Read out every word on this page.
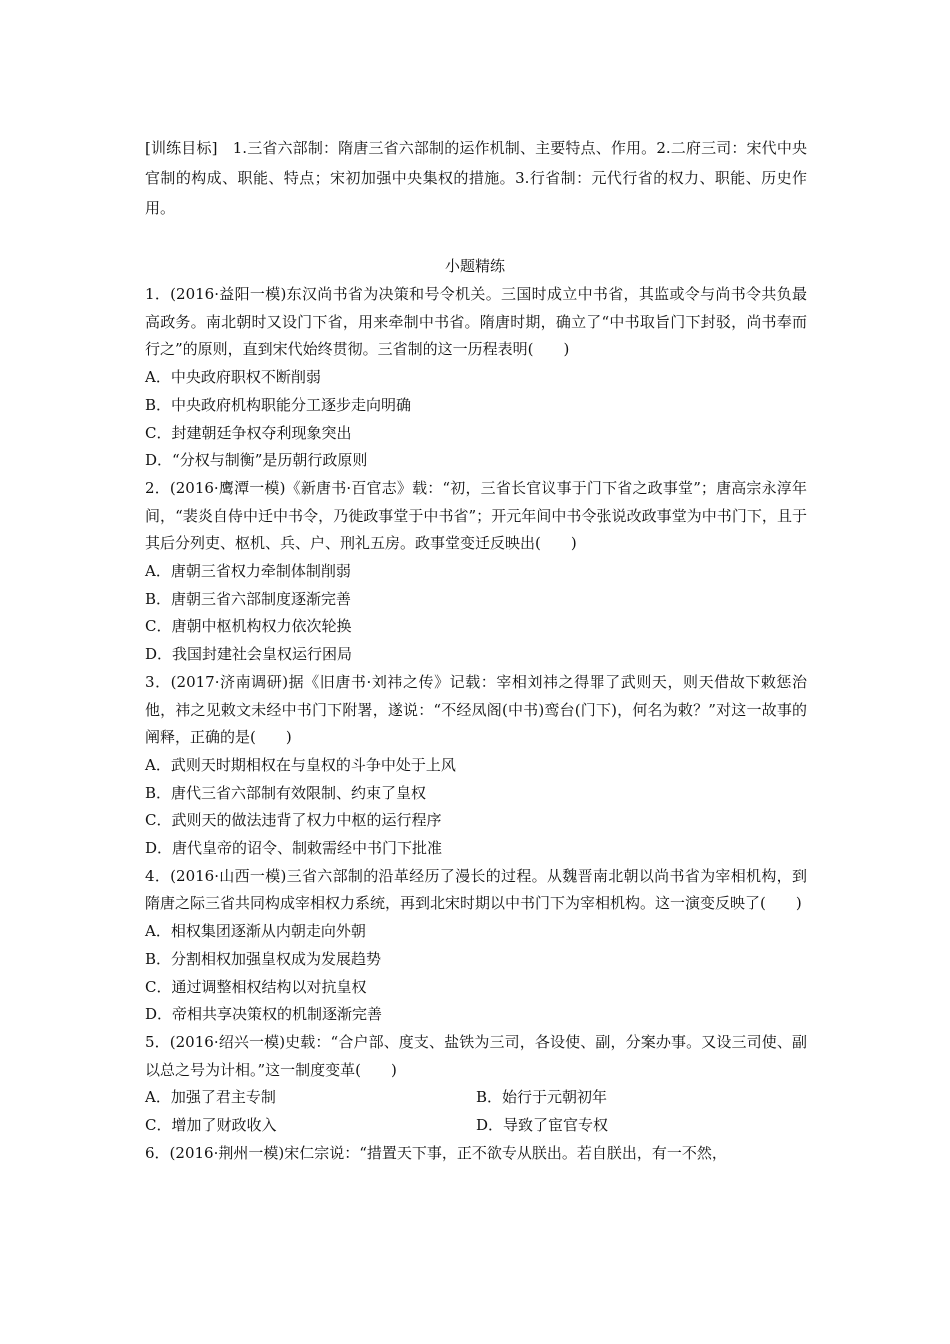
[训练目标]　1.三省六部制：隋唐三省六部制的运作机制、主要特点、作用。2.二府三司：宋代中央官制的构成、职能、特点；宋初加强中央集权的措施。3.行省制：元代行省的权力、职能、历史作用。

小题精练

1．(2016·益阳一模)东汉尚书省为决策和号令机关。三国时成立中书省，其监或令与尚书令共负最高政务。南北朝时又设门下省，用来牵制中书省。隋唐时期，确立了“中书取旨门下封驳，尚书奉而行之”的原则，直到宋代始终贯彻。三省制的这一历程表明(　　)

A．中央政府职权不断削弱

B．中央政府机构职能分工逐步走向明确

C．封建朝廷争权夺利现象突出

D．“分权与制衡”是历朝行政原则

2．(2016·鹰潭一模)《新唐书·百官志》载：“初，三省长官议事于门下省之政事堂”；唐高宗永淳年间，“裴炎自侍中迁中书令，乃徙政事堂于中书省”；开元年间中书令张说改政事堂为中书门下，且于其后分列吏、枢机、兵、户、刑礼五房。政事堂变迁反映出(　　)

A．唐朝三省权力牵制体制削弱

B．唐朝三省六部制度逐渐完善

C．唐朝中枢机构权力依次轮换

D．我国封建社会皇权运行困局

3．(2017·济南调研)据《旧唐书·刘祎之传》记载：宰相刘祎之得罪了武则天，则天借故下敕惩治他，祎之见敕文未经中书门下附署，遂说：“不经凤阁(中书)鸾台(门下)，何名为敕？”对这一故事的阐释，正确的是(　　)

A．武则天时期相权在与皇权的斗争中处于上风

B．唐代三省六部制有效限制、约束了皇权

C．武则天的做法违背了权力中枢的运行程序

D．唐代皇帝的诏令、制敕需经中书门下批准

4．(2016·山西一模)三省六部制的沿革经历了漫长的过程。从魏晋南北朝以尚书省为宰相机构，到隋唐之际三省共同构成宰相权力系统，再到北宋时期以中书门下为宰相机构。这一演变反映了(　　)

A．相权集团逐渐从内朝走向外朝

B．分割相权加强皇权成为发展趋势

C．通过调整相权结构以对抗皇权

D．帝相共享决策权的机制逐渐完善

5．(2016·绍兴一模)史载：“合户部、度支、盐铁为三司，各设使、副，分案办事。又设三司使、副以总之号为计相。”这一制度变革(　　)

A．加强了君主专制	B．始行于元朝初年

C．增加了财政收入	D．导致了宦官专权

6．(2016·荆州一模)宋仁宗说：“措置天下事，正不欲专从朕出。若自朕出，有一不然，
